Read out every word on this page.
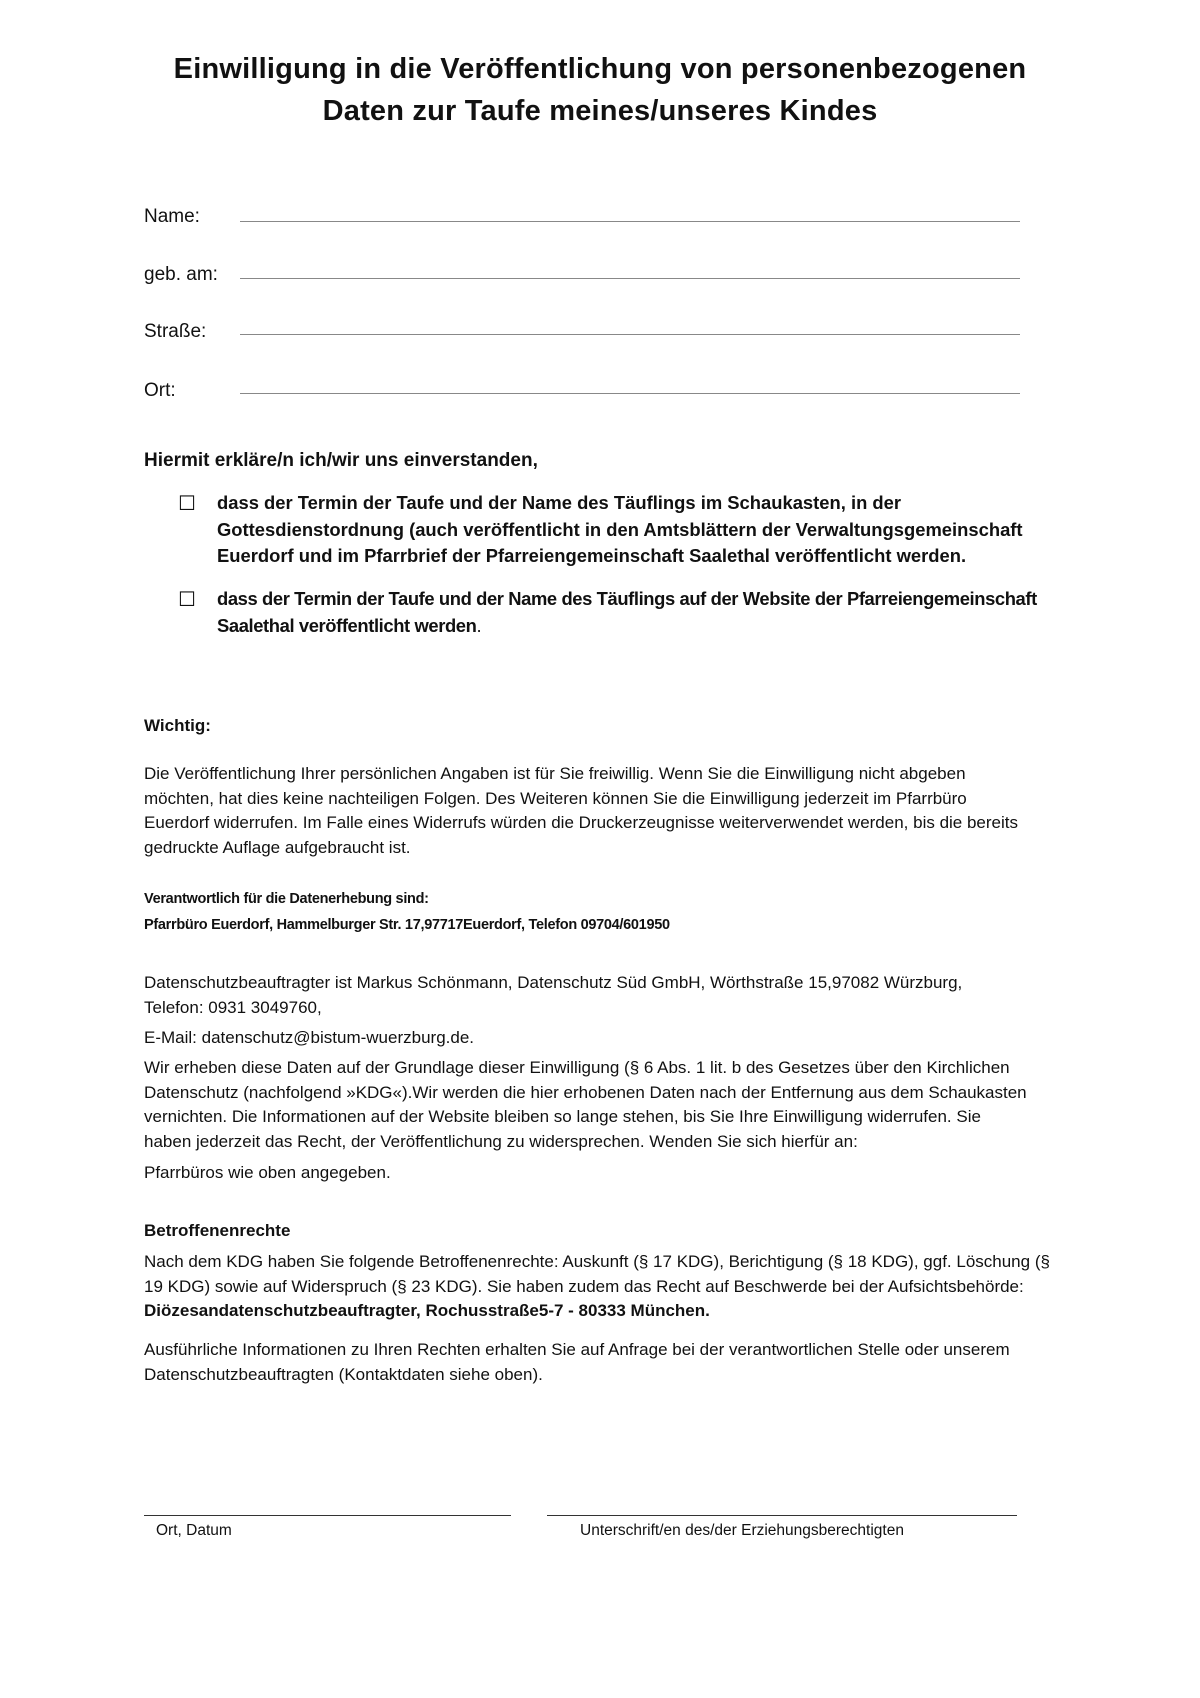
Einwilligung in die Veröffentlichung von personenbezogenen
Daten zur Taufe meines/unseres Kindes
Name:
geb. am:
Straße:
Ort:
Hiermit erkläre/n ich/wir uns einverstanden,
☐ dass der Termin der Taufe und der Name des Täuflings im Schaukasten, in der
Gottesdienstordnung (auch veröffentlicht in den Amtsblättern der Verwaltungsgemeinschaft
Euerdorf und im Pfarrbrief der Pfarreiengemeinschaft Saalethal veröffentlicht werden.
☐ dass der Termin der Taufe und der Name des Täuflings auf der Website der Pfarreiengemeinschaft
Saalethal veröffentlicht werden.
Wichtig:
Die Veröffentlichung Ihrer persönlichen Angaben ist für Sie freiwillig. Wenn Sie die Einwilligung nicht abgeben
möchten, hat dies keine nachteiligen Folgen. Des Weiteren können Sie die Einwilligung jederzeit im Pfarrbüro
Euerdorf widerrufen. Im Falle eines Widerrufs würden die Druckerzeugnisse weiterverwendet werden, bis die bereits
gedruckte Auflage aufgebraucht ist.
Verantwortlich für die Datenerhebung sind:
Pfarrbüro Euerdorf, Hammelburger Str. 17,97717Euerdorf, Telefon 09704/601950
Datenschutzbeauftragter ist Markus Schönmann, Datenschutz Süd GmbH, Wörthstraße 15,97082 Würzburg,
Telefon: 0931 3049760,
E-Mail: datenschutz@bistum-wuerzburg.de.
Wir erheben diese Daten auf der Grundlage dieser Einwilligung (§ 6 Abs. 1 lit. b des Gesetzes über den Kirchlichen
Datenschutz (nachfolgend »KDG«).Wir werden die hier erhobenen Daten nach der Entfernung aus dem Schaukasten
vernichten. Die Informationen auf der Website bleiben so lange stehen, bis Sie Ihre Einwilligung widerrufen. Sie
haben jederzeit das Recht, der Veröffentlichung zu widersprechen. Wenden Sie sich hierfür an:
Pfarrbüros wie oben angegeben.
Betroffenenrechte
Nach dem KDG haben Sie folgende Betroffenenrechte: Auskunft (§ 17 KDG), Berichtigung (§ 18 KDG), ggf. Löschung (§
19 KDG) sowie auf Widerspruch (§ 23 KDG). Sie haben zudem das Recht auf Beschwerde bei der Aufsichtsbehörde:
Diözesandatenschutzbeauftragter, Rochusstraße5-7 - 80333 München.
Ausführliche Informationen zu Ihren Rechten erhalten Sie auf Anfrage bei der verantwortlichen Stelle oder unserem
Datenschutzbeauftragten (Kontaktdaten siehe oben).
Ort, Datum	Unterschrift/en des/der Erziehungsberechtigten
